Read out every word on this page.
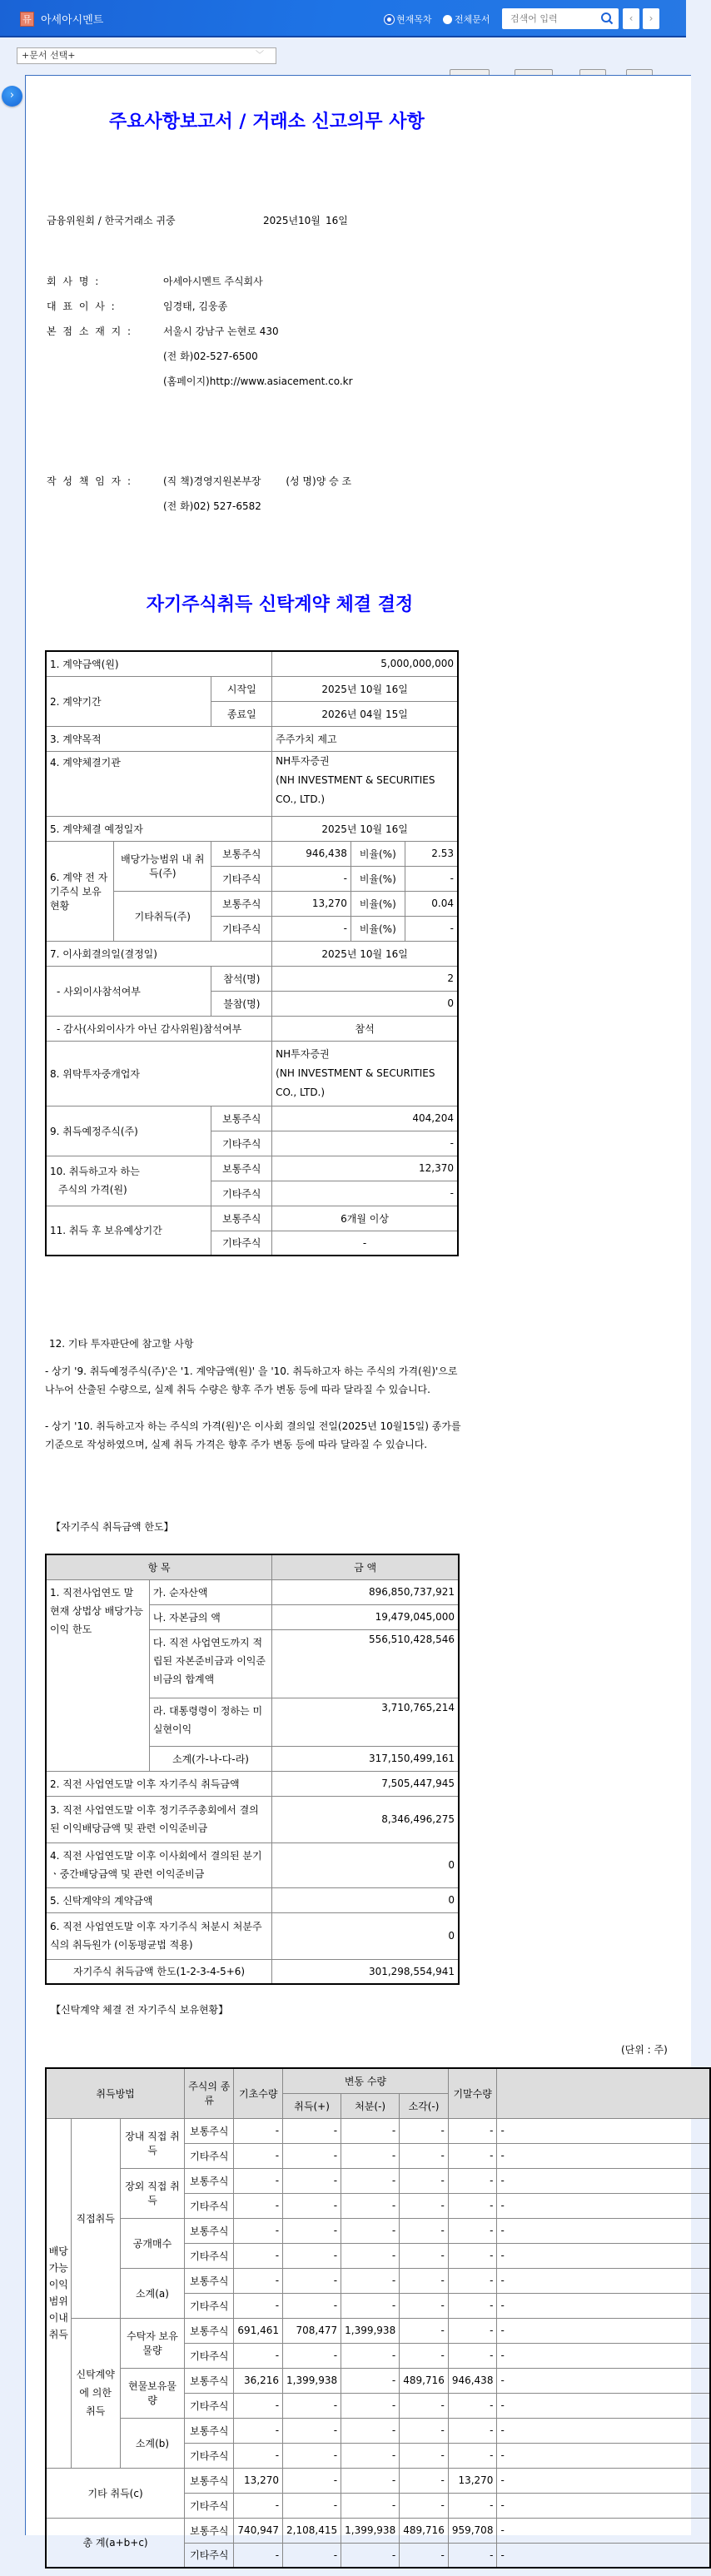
뮤 아세아시멘트	현재목차 전체문서
검색어 입력	‹	›
+문서 선택+	﹀
›
주요사항보고서 / 거래소 신고의무 사항
금융위원회 / 한국거래소 귀중	2025년 10월 16일
회 사 명 :	아세아시멘트 주식회사
대 표 이 사 :	임경태, 김웅종
본 점 소 재 지 :	서울시 강남구 논현로 430
(전 화)02-527-6500
(홈페이지)http://www.asiacement.co.kr
작 성 책 임 자 :	(직 책)경영지원본부장 (성 명)양 승 조
(전 화)02) 527-6582
자기주식취득 신탁계약 체결 결정
1. 계약금액(원)			5,000,000,000		
2. 계약기간		시작일	2025년 10월 16일		
		종료일	2026년 04월 15일		
3. 계약목적			주주가치 제고		
4. 계약체결기관			NH투자증권
(NH INVESTMENT & SECURITIES CO., LTD.)		

5. 계약체결 예정일자			2025년 10월 16일		
6. 계약 전 자기주식 보유현황	배당가능범위 내 취득(주)	보통주식	946,438	비율(%)	2.53
		기타주식	-	비율(%)	-
	기타취득(주)	보통주식	13,270	비율(%)	0.04
		기타주식	-	비율(%)	-
7. 이사회결의일(결정일)			2025년 10월 16일		
- 사외이사참석여부		참석(명)	2		
		불참(명)	0		
- 감사(사외이사가 아닌 감사위원)참석여부			참석		
8. 위탁투자중개업자			NH투자증권
(NH INVESTMENT & SECURITIES CO., LTD.)		

9. 취득예정주식(주)		보통주식	404,204		
		기타주식	-		

10. 취득하고자 하는
주식의 가격(원)		보통주식	12,370		
		기타주식	-		
11. 취득 후 보유예상기간		보통주식	6개월 이상		
		기타주식	-		
12. 기타 투자판단에 참고할 사항
- 상기 '9. 취득예정주식(주)'은 '1. 계약금액(원)' 을 '10. 취득하고자 하는 주식의 가격(원)'으로 나누어 산출된 수량으로, 실제 취득 수량은 향후 주가 변동 등에 따라 달라질 수 있습니다.
- 상기 '10. 취득하고자 하는 주식의 가격(원)'은 이사회 결의일 전일(2025년 10월15일) 종가를 기준으로 작성하였으며, 실제 취득 가격은 향후 주가 변동 등에 따라 달라질 수 있습니다.
【자기주식 취득금액 한도】
항 목		금 액
1. 직전사업연도 말 현재 상법상 배당가능이익 한도	가. 순자산액	896,850,737,921
	나. 자본금의 액	19,479,045,000
	다. 직전 사업연도까지 적립된 자본준비금과 이익준비금의 합계액	556,510,428,546
	라. 대통령령이 정하는 미실현이익	3,710,765,214
	소계(가-나-다-라)	317,150,499,161
2. 직전 사업연도말 이후 자기주식 취득금액		7,505,447,945
3. 직전 사업연도말 이후 정기주주총회에서 결의된 이익배당금액 및 관련 이익준비금		8,346,496,275
4. 직전 사업연도말 이후 이사회에서 결의된 분기ㆍ중간배당금액 및 관련 이익준비금		0
5. 신탁계약의 계약금액		0
6. 직전 사업연도말 이후 자기주식 처분시 처분주식의 취득원가 (이동평균법 적용)		0
자기주식 취득금액 한도(1-2-3-4-5+6)		301,298,554,941
【신탁계약 체결 전 자기주식 보유현황】
(단위 : 주)
취득방법			주식의 종류	기초수량	변동 수량			기말수량	
					취득(+)	처분(-)	소각(-)		
배당가능이익범위이내취득	직접취득	장내 직접 취득	보통주식	-	-	-	-	-	-
			기타주식	-	-	-	-	-	-
		장외 직접 취득	보통주식	-	-	-	-	-	-
			기타주식	-	-	-	-	-	-
		공개매수	보통주식	-	-	-	-	-	-
			기타주식	-	-	-	-	-	-
		소계(a)	보통주식	-	-	-	-	-	-
			기타주식	-	-	-	-	-	-
	신탁계약에 의한 취득	수탁자 보유물량	보통주식	691,461	708,477	1,399,938	-	-	-
			기타주식	-	-	-	-	-	-
		현물보유물량	보통주식	36,216	1,399,938	-	489,716	946,438	-
			기타주식	-	-	-	-	-	-
		소계(b)	보통주식	-	-	-	-	-	-
			기타주식	-	-	-	-	-	-
기타 취득(c)			보통주식	13,270	-	-	-	13,270	-
			기타주식	-	-	-	-	-	-
총 계(a+b+c)			보통주식	740,947	2,108,415	1,399,938	489,716	959,708	-
			기타주식	-	-	-	-	-	-
